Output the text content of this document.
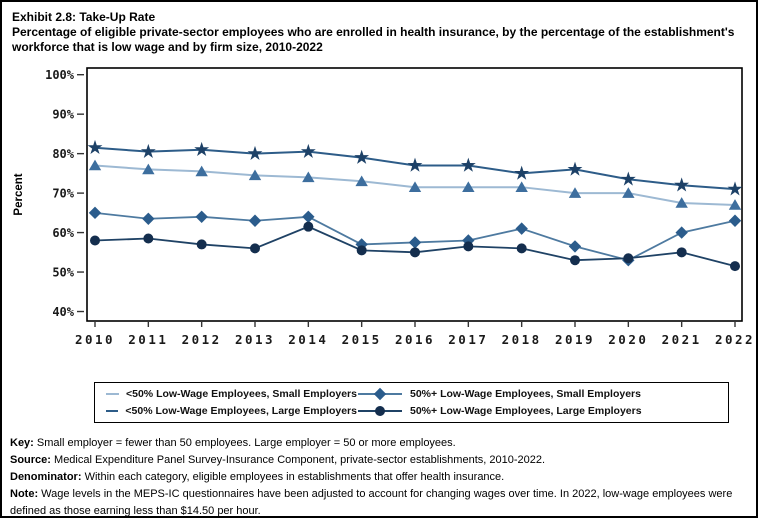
Exhibit 2.8: Take-Up Rate
Percentage of eligible private-sector employees who are enrolled in health insurance, by the percentage of the establishment's workforce that is low wage and by firm size, 2010-2022
40%
50%
60%
70%
80%
90%
100%
2010 2011 2012 2013 2014 2015 2016 2017 2018 2019 2020 2021 2022
Percent
<50% Low-Wage Employees, Small Employers	50%+ Low-Wage Employees, Small Employers
<50% Low-Wage Employees, Large Employers	50%+ Low-Wage Employees, Large Employers

Key: Small employer = fewer than 50 employees. Large employer = 50 or more employees.

Source: Medical Expenditure Panel Survey-Insurance Component, private-sector establishments, 2010-2022.

Denominator: Within each category, eligible employees in establishments that offer health insurance.

Note: Wage levels in the MEPS-IC questionnaires have been adjusted to account for changing wages over time. In 2022, low-wage employees were defined as those earning less than $14.50 per hour.
